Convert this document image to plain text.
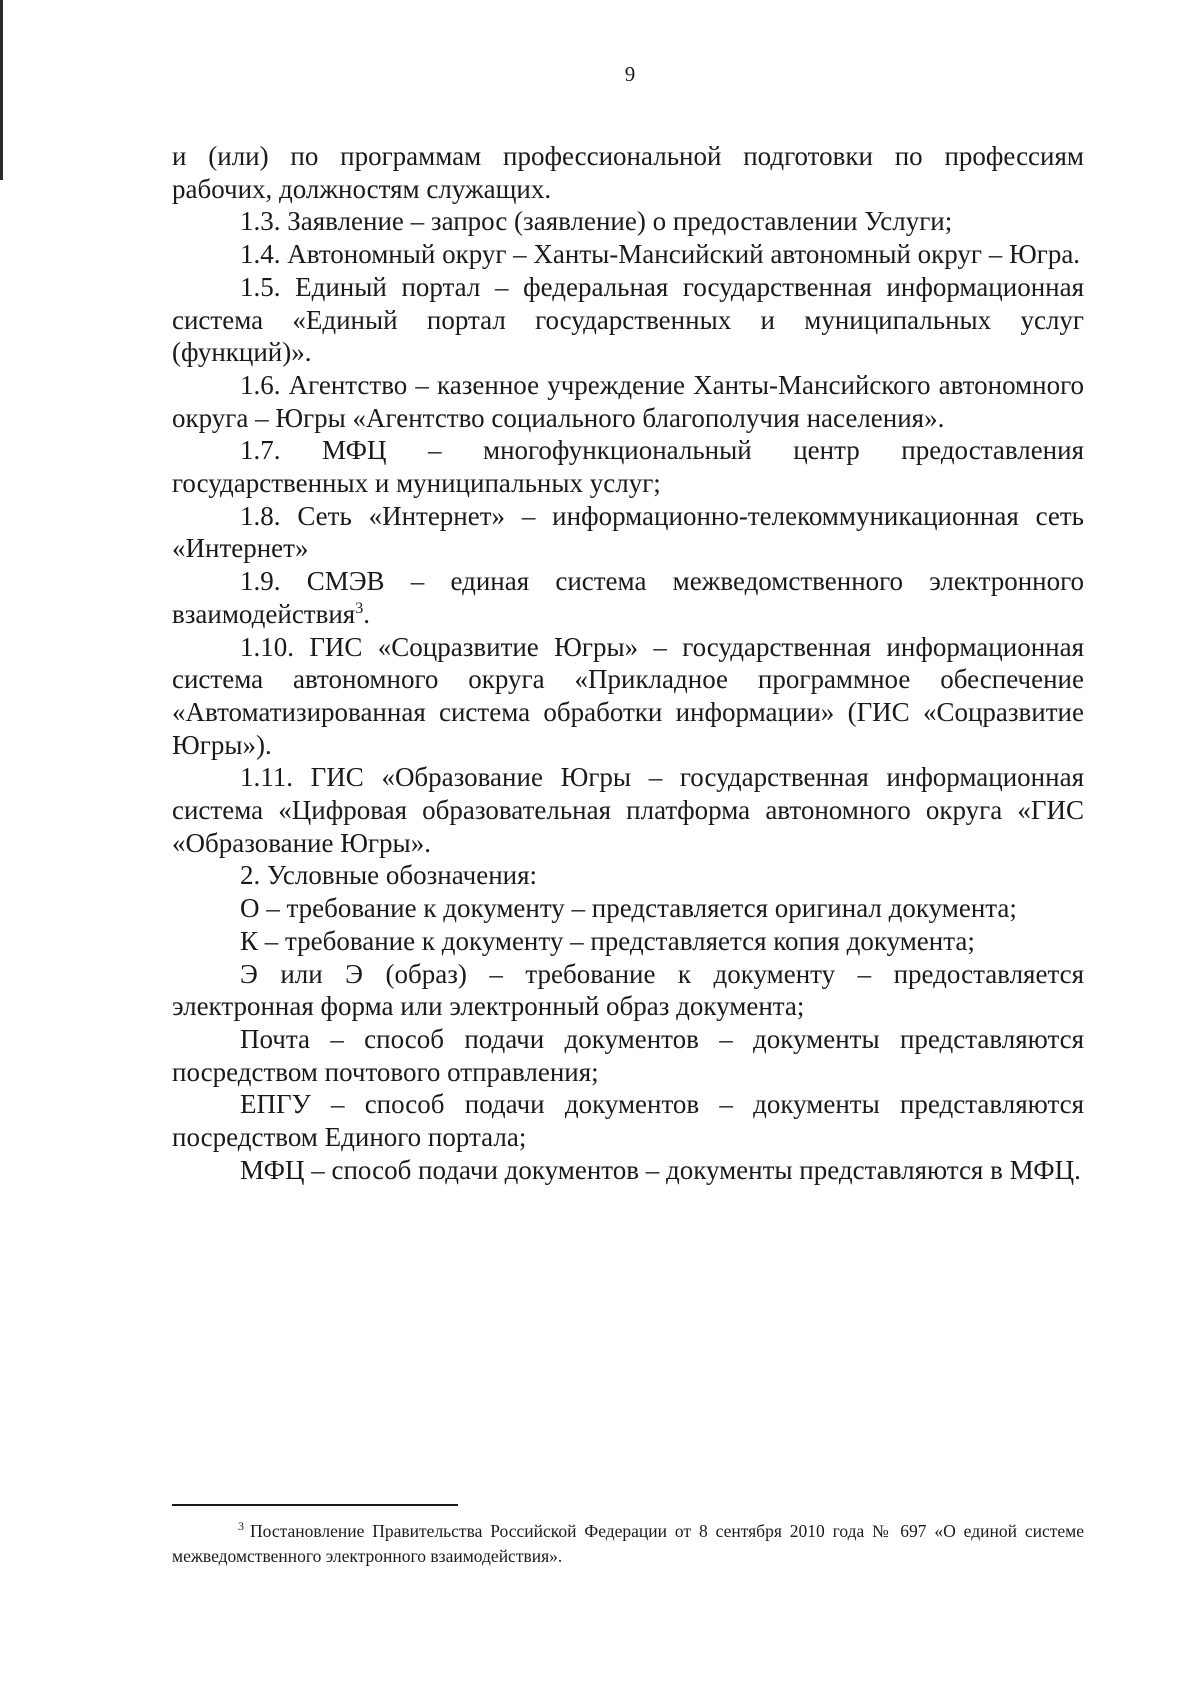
9

и (или) по программам профессиональной подготовки по профессиям рабочих, должностям служащих.

1.3. Заявление – запрос (заявление) о предоставлении Услуги;

1.4. Автономный округ – Ханты-Мансийский автономный округ – Югра.

1.5. Единый портал – федеральная государственная информационная система «Единый портал государственных и муниципальных услуг (функций)».

1.6. Агентство – казенное учреждение Ханты-Мансийского автономного округа – Югры «Агентство социального благополучия населения».

1.7. МФЦ – многофункциональный центр предоставления государственных и муниципальных услуг;

1.8. Сеть «Интернет» – информационно-телекоммуникационная сеть «Интернет»

1.9. СМЭВ – единая система межведомственного электронного взаимодействия$^3$.

1.10. ГИС «Соцразвитие Югры» – государственная информационная система автономного округа «Прикладное программное обеспечение «Автоматизированная система обработки информации» (ГИС «Соцразвитие Югры»).

1.11. ГИС «Образование Югры – государственная информационная система «Цифровая образовательная платформа автономного округа «ГИС «Образование Югры».

2. Условные обозначения:

О – требование к документу – представляется оригинал документа;

К – требование к документу – представляется копия документа;

Э или Э (образ) – требование к документу – предоставляется электронная форма или электронный образ документа;

Почта – способ подачи документов – документы представляются посредством почтового отправления;

ЕПГУ – способ подачи документов – документы представляются посредством Единого портала;

МФЦ – способ подачи документов – документы представляются в МФЦ.

$^3$ Постановление Правительства Российской Федерации от 8 сентября 2010 года № 697 «О единой системе межведомственного электронного взаимодействия».
